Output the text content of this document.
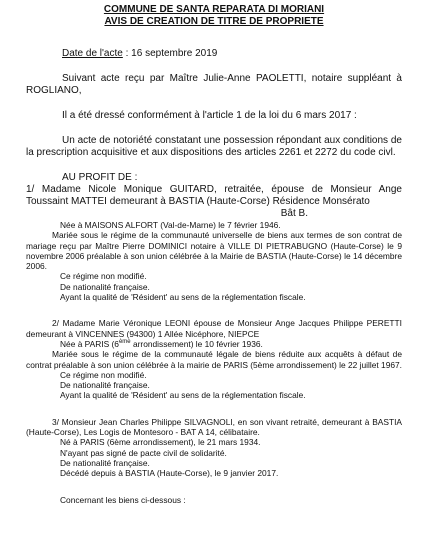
COMMUNE DE SANTA REPARATA DI MORIANI

AVIS DE CREATION DE TITRE DE PROPRIETE

Date de l'acte : 16 septembre 2019

Suivant acte reçu par Maître Julie-Anne PAOLETTI, notaire suppléant à ROGLIANO,

Il a été dressé conformément à l'article 1 de la loi du 6 mars 2017 :

Un acte de notoriété constatant une possession répondant aux conditions de la prescription acquisitive et aux dispositions des articles 2261 et 2272 du code civl.

AU PROFIT DE :

1/ Madame Nicole Monique GUITARD, retraitée, épouse de Monsieur Ange Toussaint MATTEI demeurant à BASTIA (Haute-Corse) Résidence Monsérato

Bât B.

Née à MAISONS ALFORT (Val-de-Marne) le 7 février 1946.

Mariée sous le régime de la communauté universelle de biens aux termes de son contrat de mariage reçu par Maître Pierre DOMINICI notaire à VILLE DI PIETRABUGNO (Haute-Corse) le 9 novembre 2006 préalable à son union célébrée à la Mairie de BASTIA (Haute-Corse) le 14 décembre 2006.

Ce régime non modifié.

De nationalité française.

Ayant la qualité de 'Résident' au sens de la réglementation fiscale.

2/ Madame Marie Véronique LEONI épouse de Monsieur Ange Jacques Philippe PERETTI demeurant à VINCENNES (94300) 1 Allée Nicéphore, NIEPCE

Née à PARIS (6ème arrondissement) le 10 février 1936.

Mariée sous le régime de la communauté légale de biens réduite aux acquêts à défaut de contrat préalable à son union célébrée à la mairie de PARIS (5ème arrondissement) le 22 juillet 1967.

Ce régime non modifié.

De nationalité française.

Ayant la qualité de 'Résident' au sens de la réglementation fiscale.

3/ Monsieur Jean Charles Philippe SILVAGNOLI, en son vivant retraité, demeurant à BASTIA (Haute-Corse), Les Logis de Montesoro - BAT A 14, célibataire.

Né à PARIS (6ème arrondissement), le 21 mars 1934.

N'ayant pas signé de pacte civil de solidarité.

De nationalité française.

Décédé depuis à BASTIA (Haute-Corse), le 9 janvier 2017.

Concernant les biens ci-dessous :
